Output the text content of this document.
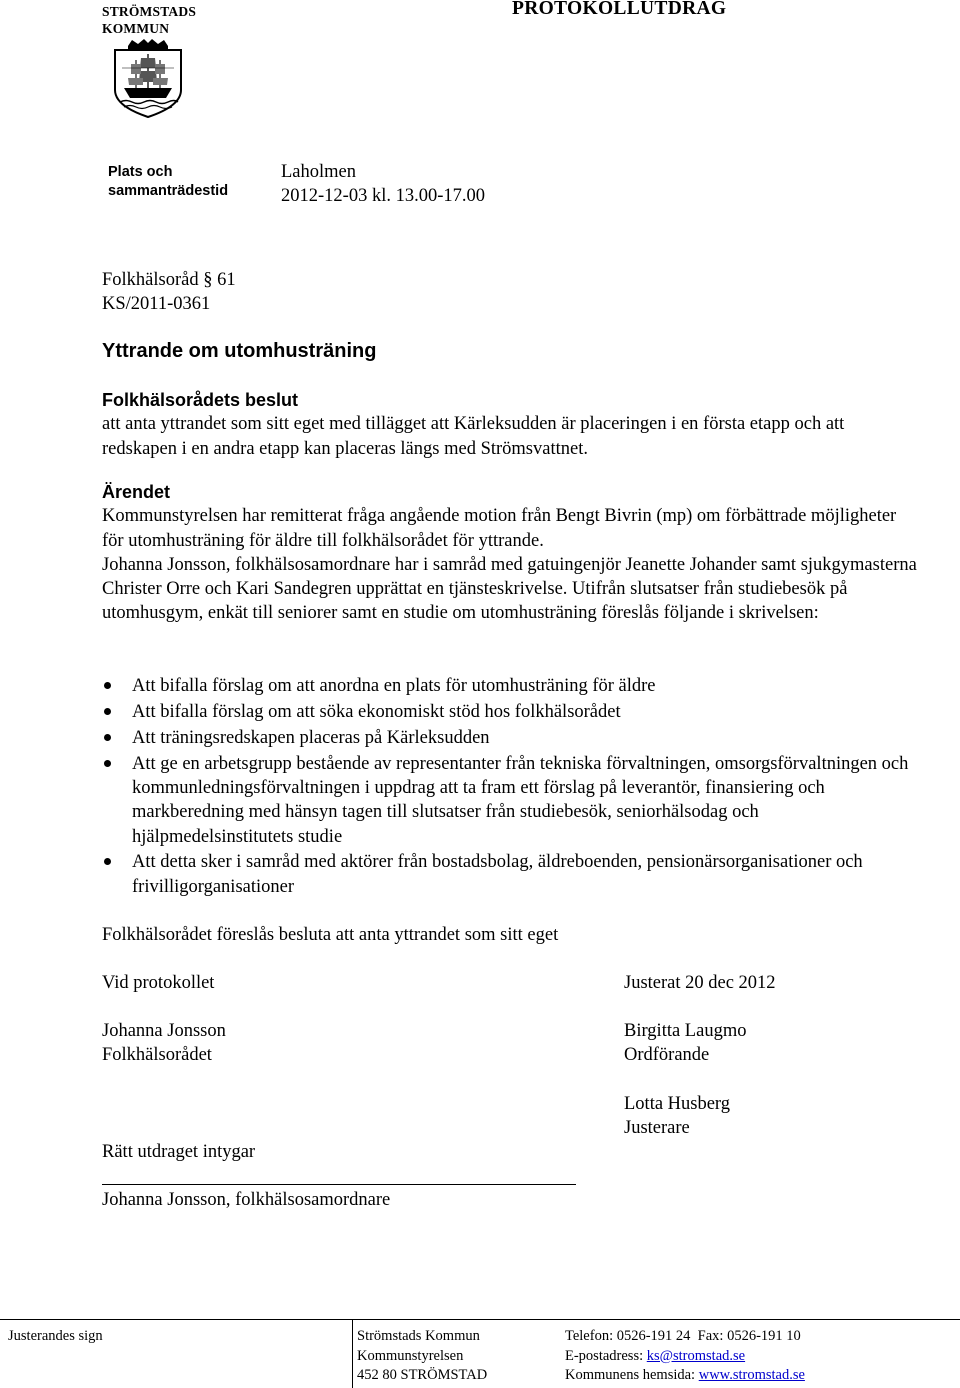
STRÖMSTADS
KOMMUN
PROTOKOLLUTDRAG
Plats och
sammanträdestid
Laholmen
2012-12-03 kl. 13.00-17.00
Folkhälsoråd § 61
KS/2011-0361
Yttrande om utomhusträning
Folkhälsorådets beslut
att anta yttrandet som sitt eget med tillägget att Kärleksudden är placeringen i en första etapp och att redskapen i en andra etapp kan placeras längs med Strömsvattnet.
Ärendet
Kommunstyrelsen har remitterat fråga angående motion från Bengt Bivrin (mp) om förbättrade möjligheter för utomhusträning för äldre till folkhälsorådet för yttrande.
Johanna Jonsson, folkhälsosamordnare har i samråd med gatuingenjör Jeanette Johander samt sjukgymasterna Christer Orre och Kari Sandegren upprättat en tjänsteskrivelse. Utifrån slutsatser från studiebesök på utomhusgym, enkät till seniorer samt en studie om utomhusträning föreslås följande i skrivelsen:
Att bifalla förslag om att anordna en plats för utomhusträning för äldre
Att bifalla förslag om att söka ekonomiskt stöd hos folkhälsorådet
Att träningsredskapen placeras på Kärleksudden
Att ge en arbetsgrupp bestående av representanter från tekniska förvaltningen, omsorgsförvaltningen och kommunledningsförvaltningen i uppdrag att ta fram ett förslag på leverantör, finansiering och markberedning med hänsyn tagen till slutsatser från studiebesök, seniorhälsodag och hjälpmedelsinstitutets studie
Att detta sker i samråd med aktörer från bostadsbolag, äldreboenden, pensionärsorganisationer och frivilligorganisationer
Folkhälsorådet föreslås besluta att anta yttrandet som sitt eget
Vid protokollet	Justerat 20 dec 2012
Johanna Jonsson
Folkhälsorådet
Birgitta Laugmo
Ordförande
Lotta Husberg
Justerare
Rätt utdraget intygar
Johanna Jonsson, folkhälsosamordnare
Justerandes sign	Strömstads Kommun
Kommunstyrelsen
452 80 STRÖMSTAD
Telefon: 0526-191 24  Fax: 0526-191 10
E-postadress: ks@stromstad.se
Kommunens hemsida: www.stromstad.se
